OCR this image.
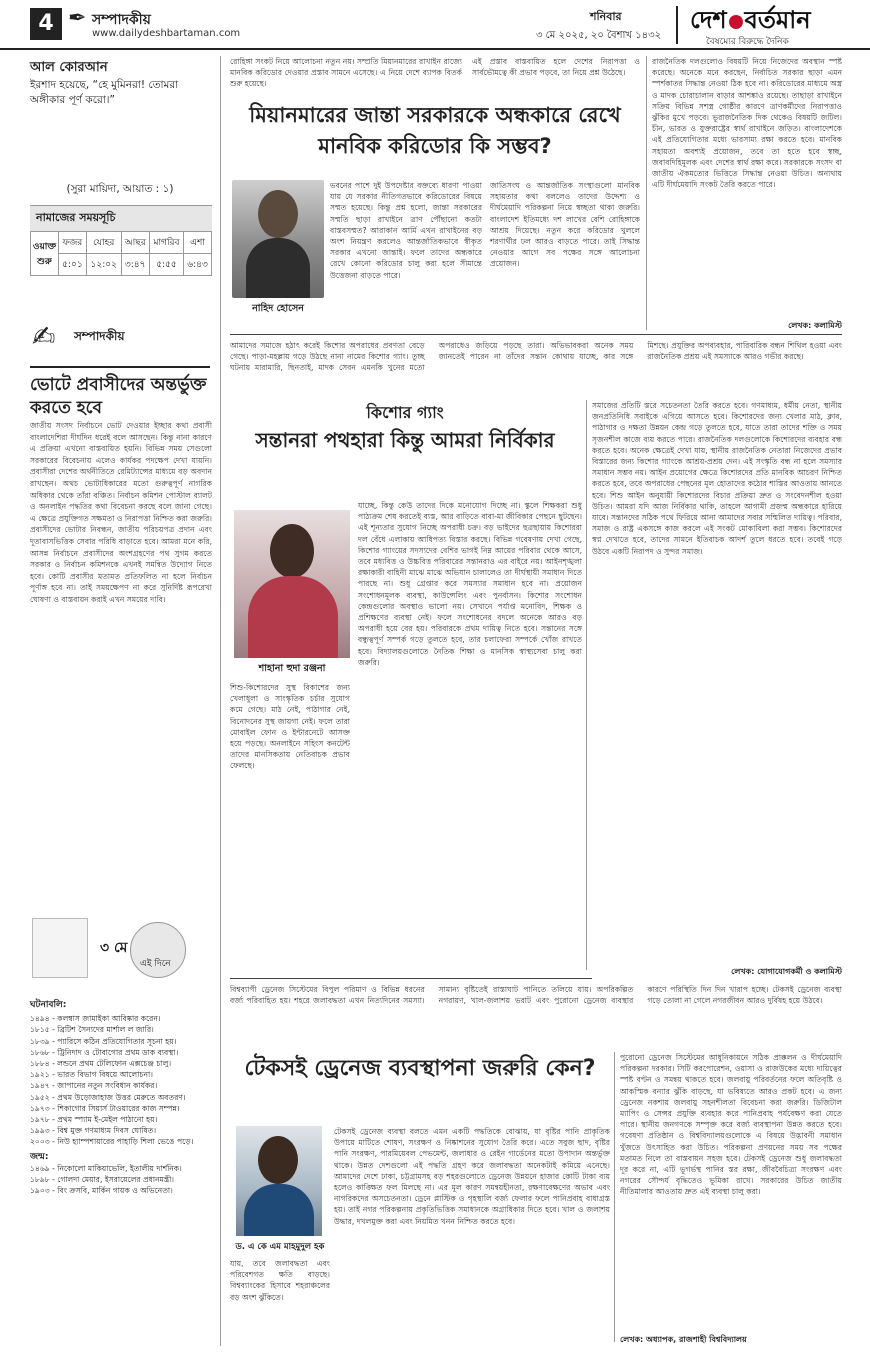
4 ✒ সম্পাদকীয়
www.dailydeshbartaman.com
শনিবার
৩ মে ২০২৫, ২০ বৈশাখ ১৪৩২
দেশ বর্তমান
বৈষম্যের বিরুদ্ধে দৈনিক
আল কোরআন
ইরশাদ হয়েছে, “হে মুমিনরা! তোমরা অঙ্গীকার পূর্ণ করো।”
(সুরা মায়িদা, আয়াত : ১)
নামাজের সময়সূচি
ওয়াক্ত শুরু	ফজর	যোহর	আছর	মাগরিব	এশা
	৫:০১	১২:০২	৩:৪৭	৫:৫৫	৬:৪৩
✍ সম্পাদকীয়
ভোটে প্রবাসীদের অন্তর্ভুক্ত করতে হবে
জাতীয় সংসদ নির্বাচনে ভোট দেওয়ার ইচ্ছার কথা প্রবাসী বাংলাদেশিরা দীর্ঘদিন ধরেই বলে আসছেন। কিন্তু নানা কারণে এ প্রক্রিয়া এখনো বাস্তবায়িত হয়নি। বিভিন্ন সময় সেগুলো সরকারের বিবেচনায় এলেও কার্যকর পদক্ষেপ দেখা যায়নি। প্রবাসীরা দেশের অর্থনীতিতে রেমিট্যান্সের মাধ্যমে বড় অবদান রাখছেন। অথচ ভোটাধিকারের মতো গুরুত্বপূর্ণ নাগরিক অধিকার থেকে তাঁরা বঞ্চিত। নির্বাচন কমিশন পোস্টাল ব্যালট ও অনলাইন পদ্ধতির কথা বিবেচনা করছে বলে জানা গেছে। এ ক্ষেত্রে প্রযুক্তিগত সক্ষমতা ও নিরাপত্তা নিশ্চিত করা জরুরি। প্রবাসীদের ভোটার নিবন্ধন, জাতীয় পরিচয়পত্র প্রদান এবং দূতাবাসভিত্তিক সেবার পরিধি বাড়াতে হবে। আমরা মনে করি, আসন্ন নির্বাচনে প্রবাসীদের অংশগ্রহণের পথ সুগম করতে সরকার ও নির্বাচন কমিশনকে এখনই সমন্বিত উদ্যোগ নিতে হবে। কোটি প্রবাসীর মতামত প্রতিফলিত না হলে নির্বাচন পূর্ণাঙ্গ হবে না। তাই সময়ক্ষেপণ না করে সুনির্দিষ্ট রূপরেখা ঘোষণা ও বাস্তবায়ন করাই এখন সময়ের দাবি।
৩ মে
এই দিনে
ঘটনাবলি:
১৪৯৪ - কলম্বাস জামাইকা আবিষ্কার করেন।
১৮১৫ - ব্রিটিশ সৈন্যদের মার্শাল ল জারি।
১৮৩৯ - প্যারিসে কঠিন প্রতিযোগিতার সূচনা হয়।
১৮৬৮ - ট্রিনিদাদ ও টোবাগোর প্রথম ডাক ব্যবস্থা।
১৮৮৪ - লন্ডনে প্রথম টেলিফোন এক্সচেঞ্জ চালু।
১৯২১ - ভারত বিভাগ বিষয়ে আলোচনা।
১৯৪৭ - জাপানের নতুন সংবিধান কার্যকর।
১৯৫২ - প্রথম উড়োজাহাজ উত্তর মেরুতে অবতরণ।
১৯৭৩ - শিকাগোর সিয়ার্স টাওয়ারের কাজ সম্পন্ন।
১৯৭৮ - প্রথম স্প্যাম ই-মেইল পাঠানো হয়।
১৯৯৩ - বিশ্ব মুক্ত গণমাধ্যম দিবস ঘোষিত।
২০০৩ - নিউ হ্যাম্পশায়ারের পাহাড়ি শিলা ভেঙে পড়ে।
জন্ম:
১৪৬৯ - নিকোলো মাকিয়াভেলি, ইতালীয় দার্শনিক।
১৮৯৮ - গোলদা মেয়ার, ইসরায়েলের প্রধানমন্ত্রী।
১৯০৩ - বিং ক্রসবি, মার্কিন গায়ক ও অভিনেতা।
রোহিঙ্গা সংকট নিয়ে আলোচনা নতুন নয়। সম্প্রতি মিয়ানমারের রাখাইন রাজ্যে মানবিক করিডোর দেওয়ার প্রস্তাব সামনে এসেছে। এ নিয়ে দেশে ব্যাপক বিতর্ক শুরু হয়েছে।
এই প্রস্তাব বাস্তবায়িত হলে দেশের নিরাপত্তা ও সার্বভৌমত্বে কী প্রভাব পড়বে, তা নিয়ে প্রশ্ন উঠেছে।
মিয়ানমারের জান্তা সরকারকে অন্ধকারে রেখে মানবিক করিডোর কি সম্ভব?
নাহিদ হোসেন
ভবনের পাশে দুই উপদেষ্টার বক্তব্যে ধারণা পাওয়া যায় যে সরকার নীতিগতভাবে করিডোরের বিষয়ে সম্মত হয়েছে। কিন্তু প্রশ্ন হলো, জান্তা সরকারের সম্মতি ছাড়া রাখাইনে ত্রাণ পৌঁছানো কতটা বাস্তবসম্মত? আরাকান আর্মি এখন রাখাইনের বড় অংশ নিয়ন্ত্রণ করলেও আন্তর্জাতিকভাবে স্বীকৃত সরকার এখনো জান্তাই। ফলে তাদের অন্ধকারে রেখে কোনো করিডোর চালু করা হলে সীমান্তে উত্তেজনা বাড়তে পারে।
জাতিসংঘ ও আন্তর্জাতিক সংস্থাগুলো মানবিক সহায়তার কথা বললেও তাদের উদ্দেশ্য ও দীর্ঘমেয়াদি পরিকল্পনা নিয়ে স্বচ্ছতা থাকা জরুরি। বাংলাদেশ ইতিমধ্যে দশ লাখের বেশি রোহিঙ্গাকে আশ্রয় দিয়েছে। নতুন করে করিডোর খুললে শরণার্থীর ঢল আরও বাড়তে পারে। তাই সিদ্ধান্ত নেওয়ার আগে সব পক্ষের সঙ্গে আলোচনা প্রয়োজন।
রাজনৈতিক দলগুলোও বিষয়টি নিয়ে নিজেদের অবস্থান স্পষ্ট করেছে। অনেকে মনে করছেন, নির্বাচিত সরকার ছাড়া এমন স্পর্শকাতর সিদ্ধান্ত নেওয়া ঠিক হবে না। করিডোরের মাধ্যমে অস্ত্র ও মাদক চোরাচালান বাড়ার আশঙ্কাও রয়েছে। তাছাড়া রাখাইনে সক্রিয় বিভিন্ন সশস্ত্র গোষ্ঠীর কারণে ত্রাণকর্মীদের নিরাপত্তাও ঝুঁকির মুখে পড়বে। ভূরাজনৈতিক দিক থেকেও বিষয়টি জটিল। চীন, ভারত ও যুক্তরাষ্ট্রের স্বার্থ রাখাইনে জড়িত। বাংলাদেশকে এই প্রতিযোগিতার মধ্যে ভারসাম্য রক্ষা করতে হবে। মানবিক সহায়তা অবশ্যই প্রয়োজন, তবে তা হতে হবে স্বচ্ছ, জবাবদিহিমূলক এবং দেশের স্বার্থ রক্ষা করে। সরকারকে সংসদ বা জাতীয় ঐকমত্যের ভিত্তিতে সিদ্ধান্ত নেওয়া উচিত। অন্যথায় এটি দীর্ঘমেয়াদি সংকট তৈরি করতে পারে।
লেখক: কলামিস্ট
আমাদের সমাজে হঠাৎ করেই কিশোর অপরাধের প্রবণতা বেড়ে গেছে। পাড়া-মহল্লায় গড়ে উঠছে নানা নামের কিশোর গ্যাং। তুচ্ছ ঘটনায় মারামারি, ছিনতাই, মাদক সেবন এমনকি খুনের মতো অপরাধেও জড়িয়ে পড়ছে তারা। অভিভাবকরা অনেক সময় জানতেই পারেন না তাঁদের সন্তান কোথায় যাচ্ছে, কার সঙ্গে মিশছে। প্রযুক্তির অপব্যবহার, পারিবারিক বন্ধন শিথিল হওয়া এবং রাজনৈতিক প্রশ্রয় এই সমস্যাকে আরও গভীর করছে।
কিশোর গ্যাং
সন্তানরা পথহারা কিন্তু আমরা নির্বিকার
শাহানা হুদা রঞ্জনা
শিশু-কিশোরদের সুস্থ বিকাশের জন্য খেলাধুলা ও সাংস্কৃতিক চর্চার সুযোগ কমে গেছে। মাঠ নেই, পাঠাগার নেই, বিনোদনের সুস্থ জায়গা নেই। ফলে তারা মোবাইল ফোন ও ইন্টারনেটে আসক্ত হয়ে পড়ছে। অনলাইনে সহিংস কনটেন্ট তাদের মানসিকতায় নেতিবাচক প্রভাব ফেলছে।
যাচ্ছে, কিন্তু কেউ তাদের দিকে মনোযোগ দিচ্ছে না। স্কুলে শিক্ষকরা শুধু পাঠ্যক্রম শেষ করতেই ব্যস্ত, আর বাড়িতে বাবা-মা জীবিকার পেছনে ছুটছেন। এই শূন্যতার সুযোগ নিচ্ছে অপরাধী চক্র। বড় ভাইদের ছত্রছায়ায় কিশোররা দল বেঁধে এলাকায় আধিপত্য বিস্তার করছে। বিভিন্ন গবেষণায় দেখা গেছে, কিশোর গ্যাংয়ের সদস্যদের বেশির ভাগই নিম্ন আয়ের পরিবার থেকে আসে, তবে মধ্যবিত্ত ও উচ্চবিত্ত পরিবারের সন্তানরাও এর বাইরে নয়। আইনশৃঙ্খলা রক্ষাকারী বাহিনী মাঝে মাঝে অভিযান চালালেও তা দীর্ঘস্থায়ী সমাধান দিতে পারছে না। শুধু গ্রেপ্তার করে সমস্যার সমাধান হবে না। প্রয়োজন সংশোধনমূলক ব্যবস্থা, কাউন্সেলিং এবং পুনর্বাসন। কিশোর সংশোধন কেন্দ্রগুলোর অবস্থাও ভালো নয়। সেখানে পর্যাপ্ত মনোবিদ, শিক্ষক ও প্রশিক্ষণের ব্যবস্থা নেই। ফলে সংশোধনের বদলে অনেকে আরও বড় অপরাধী হয়ে বের হয়। পরিবারকে প্রথম দায়িত্ব নিতে হবে। সন্তানের সঙ্গে বন্ধুত্বপূর্ণ সম্পর্ক গড়ে তুলতে হবে, তার চলাফেরা সম্পর্কে খোঁজ রাখতে হবে। বিদ্যালয়গুলোতে নৈতিক শিক্ষা ও মানসিক স্বাস্থ্যসেবা চালু করা জরুরি।
সমাজের প্রতিটি স্তরে সচেতনতা তৈরি করতে হবে। গণমাধ্যম, ধর্মীয় নেতা, স্থানীয় জনপ্রতিনিধি সবাইকে এগিয়ে আসতে হবে। কিশোরদের জন্য খেলার মাঠ, ক্লাব, পাঠাগার ও দক্ষতা উন্নয়ন কেন্দ্র গড়ে তুলতে হবে, যাতে তারা তাদের শক্তি ও সময় সৃজনশীল কাজে ব্যয় করতে পারে। রাজনৈতিক দলগুলোকে কিশোরদের ব্যবহার বন্ধ করতে হবে। অনেক ক্ষেত্রেই দেখা যায়, স্থানীয় রাজনৈতিক নেতারা নিজেদের প্রভাব বিস্তারের জন্য কিশোর গ্যাংকে আশ্রয়-প্রশ্রয় দেন। এই সংস্কৃতি বন্ধ না হলে সমস্যার সমাধান সম্ভব নয়। আইন প্রয়োগের ক্ষেত্রে কিশোরদের প্রতি মানবিক আচরণ নিশ্চিত করতে হবে, তবে অপরাধের পেছনের মূল হোতাদের কঠোর শাস্তির আওতায় আনতে হবে। শিশু আইন অনুযায়ী কিশোরদের বিচার প্রক্রিয়া দ্রুত ও সংবেদনশীল হওয়া উচিত। আমরা যদি আজ নির্বিকার থাকি, তাহলে আগামী প্রজন্ম অন্ধকারে হারিয়ে যাবে। সন্তানদের সঠিক পথে ফিরিয়ে আনা আমাদের সবার সম্মিলিত দায়িত্ব। পরিবার, সমাজ ও রাষ্ট্র একসঙ্গে কাজ করলে এই সংকট মোকাবিলা করা সম্ভব। কিশোরদের স্বপ্ন দেখাতে হবে, তাদের সামনে ইতিবাচক আদর্শ তুলে ধরতে হবে। তবেই গড়ে উঠবে একটি নিরাপদ ও সুন্দর সমাজ।
লেখক: যোগাযোগকর্মী ও কলামিস্ট
বিশ্বব্যাপী ড্রেনেজ সিস্টেমের বিপুল পরিমাণ ও বিভিন্ন ধরনের বর্জ্য পরিবাহিত হয়। শহরে জলাবদ্ধতা এখন নিত্যদিনের সমস্যা। সামান্য বৃষ্টিতেই রাস্তাঘাট পানিতে তলিয়ে যায়। অপরিকল্পিত নগরায়ণ, খাল-জলাশয় ভরাট এবং পুরোনো ড্রেনেজ ব্যবস্থার কারণে পরিস্থিতি দিন দিন খারাপ হচ্ছে। টেকসই ড্রেনেজ ব্যবস্থা গড়ে তোলা না গেলে নগরজীবন আরও দুর্বিষহ হয়ে উঠবে।
টেকসই ড্রেনেজ ব্যবস্থাপনা জরুরি কেন?
ড. এ কে এম মাহমুদুল হক
যায়, তবে জলাবদ্ধতা এবং পরিবেশগত ক্ষতি বাড়ছে। বিশ্বব্যাংকের হিসাবে শহরাঞ্চলের বড় অংশ ঝুঁকিতে।
টেকসই ড্রেনেজ ব্যবস্থা বলতে এমন একটি পদ্ধতিকে বোঝায়, যা বৃষ্টির পানি প্রাকৃতিক উপায়ে মাটিতে শোষণ, সংরক্ষণ ও নিষ্কাশনের সুযোগ তৈরি করে। এতে সবুজ ছাদ, বৃষ্টির পানি সংরক্ষণ, পারমিয়েবল পেভমেন্ট, জলাধার ও রেইন গার্ডেনের মতো উপাদান অন্তর্ভুক্ত থাকে। উন্নত দেশগুলো এই পদ্ধতি গ্রহণ করে জলাবদ্ধতা অনেকটাই কমিয়ে এনেছে। আমাদের দেশে ঢাকা, চট্টগ্রামসহ বড় শহরগুলোতে ড্রেনেজ উন্নয়নে হাজার কোটি টাকা ব্যয় হলেও কাঙ্ক্ষিত ফল মিলছে না। এর মূল কারণ সমন্বয়হীনতা, রক্ষণাবেক্ষণের অভাব এবং নাগরিকদের অসচেতনতা। ড্রেনে প্লাস্টিক ও গৃহস্থালি বর্জ্য ফেলার ফলে পানিপ্রবাহ বাধাগ্রস্ত হয়। তাই নগর পরিকল্পনায় প্রকৃতিভিত্তিক সমাধানকে অগ্রাধিকার দিতে হবে। খাল ও জলাশয় উদ্ধার, দখলমুক্ত করা এবং নিয়মিত খনন নিশ্চিত করতে হবে।
পুরোনো ড্রেনেজ সিস্টেমের আধুনিকায়নে সঠিক প্রাক্কলন ও দীর্ঘমেয়াদি পরিকল্পনা দরকার। সিটি করপোরেশন, ওয়াসা ও রাজউকের মধ্যে দায়িত্বের স্পষ্ট বণ্টন ও সমন্বয় থাকতে হবে। জলবায়ু পরিবর্তনের ফলে অতিবৃষ্টি ও আকস্মিক বন্যার ঝুঁকি বাড়ছে, যা ভবিষ্যতে আরও প্রকট হবে। এ জন্য ড্রেনেজ নকশায় জলবায়ু সহনশীলতা বিবেচনা করা জরুরি। ডিজিটাল ম্যাপিং ও সেন্সর প্রযুক্তি ব্যবহার করে পানিপ্রবাহ পর্যবেক্ষণ করা যেতে পারে। স্থানীয় জনগণকে সম্পৃক্ত করে বর্জ্য ব্যবস্থাপনা উন্নত করতে হবে। গবেষণা প্রতিষ্ঠান ও বিশ্ববিদ্যালয়গুলোকে এ বিষয়ে উদ্ভাবনী সমাধান খুঁজতে উৎসাহিত করা উচিত। পরিকল্পনা প্রণয়নের সময় সব পক্ষের মতামত নিলে তা বাস্তবায়ন সহজ হবে। টেকসই ড্রেনেজ শুধু জলাবদ্ধতা দূর করে না, এটি ভূগর্ভস্থ পানির স্তর রক্ষা, জীববৈচিত্র্য সংরক্ষণ এবং নগরের সৌন্দর্য বৃদ্ধিতেও ভূমিকা রাখে। সরকারের উচিত জাতীয় নীতিমালার আওতায় দ্রুত এই ব্যবস্থা চালু করা।
লেখক: অধ্যাপক, রাজশাহী বিশ্ববিদ্যালয়
